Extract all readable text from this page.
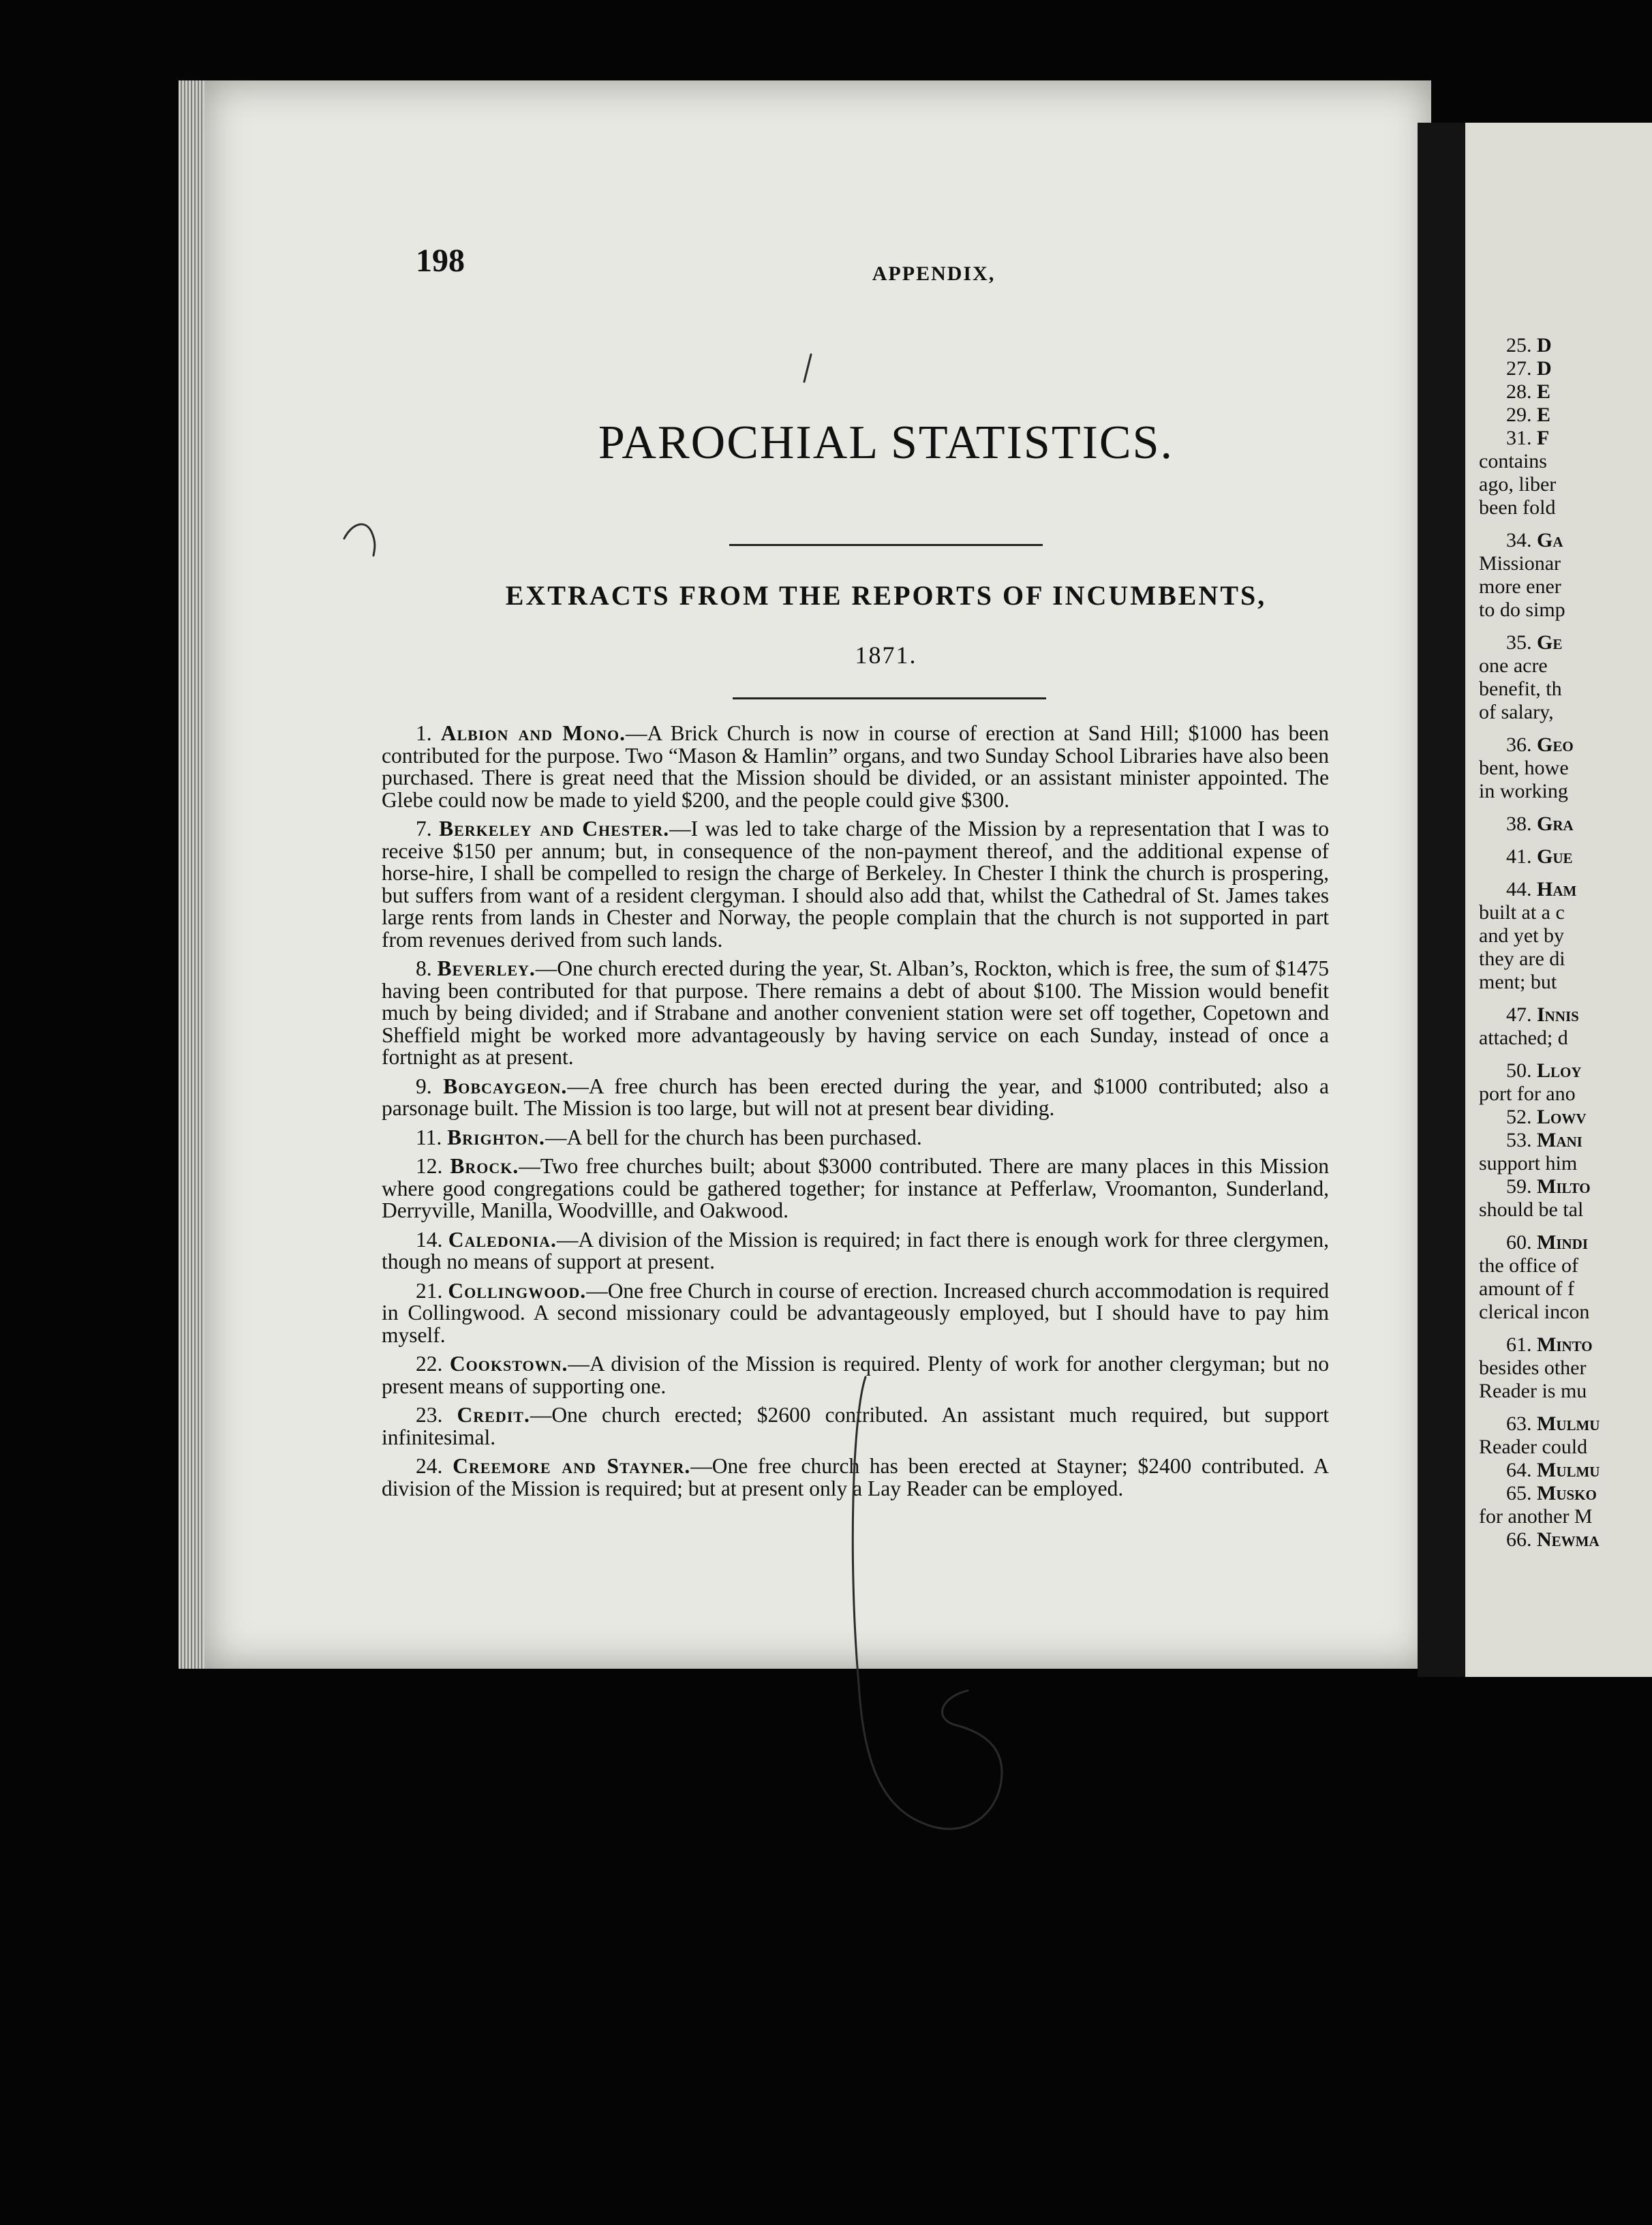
25. D
27. D
28. E
29. E
31. F
contains
ago, liber
been fold
34. Ga
Missionar
more ener
to do simp
35. Ge
one acre
benefit, th
of salary,
36. Geo
bent, howe
in working
38. Gra
41. Gue
44. Ham
built at a c
and yet by
they are di
ment; but
47. Innis
attached; d
50. Lloy
port for ano
52. Lowv
53. Mani
support him
59. Milto
should be tal
60. Mindi
the office of
amount of f
clerical incon
61. Minto
besides other
Reader is mu
63. Mulmu
Reader could
64. Mulmu
65. Musko
for another M
66. Newma
198	APPENDIX,
PAROCHIAL STATISTICS.
EXTRACTS FROM THE REPORTS OF INCUMBENTS,
1871.

1. Albion and Mono.—A Brick Church is now in course of erection at Sand Hill; $1000 has been contributed for the purpose. Two “Mason & Hamlin” organs, and two Sunday School Libraries have also been purchased. There is great need that the Mission should be divided, or an assistant minister appointed. The Glebe could now be made to yield $200, and the people could give $300.

7. Berkeley and Chester.—I was led to take charge of the Mission by a representation that I was to receive $150 per annum; but, in consequence of the non-payment thereof, and the additional expense of horse-hire, I shall be compelled to resign the charge of Berkeley. In Chester I think the church is prospering, but suffers from want of a resident clergyman. I should also add that, whilst the Cathedral of St. James takes large rents from lands in Chester and Norway, the people complain that the church is not supported in part from revenues derived from such lands.

8. Beverley.—One church erected during the year, St. Alban’s, Rockton, which is free, the sum of $1475 having been contributed for that purpose. There remains a debt of about $100. The Mission would benefit much by being divided; and if Strabane and another convenient station were set off together, Copetown and Sheffield might be worked more advantageously by having service on each Sunday, instead of once a fortnight as at present.

9. Bobcaygeon.—A free church has been erected during the year, and $1000 contributed; also a parsonage built. The Mission is too large, but will not at present bear dividing.

11. Brighton.—A bell for the church has been purchased.

12. Brock.—Two free churches built; about $3000 contributed. There are many places in this Mission where good congregations could be gathered together; for instance at Pefferlaw, Vroomanton, Sunderland, Derryville, Manilla, Woodvillle, and Oakwood.

14. Caledonia.—A division of the Mission is required; in fact there is enough work for three clergymen, though no means of support at present.

21. Collingwood.—One free Church in course of erection. Increased church accommodation is required in Collingwood. A second missionary could be advantageously employed, but I should have to pay him myself.

22. Cookstown.—A division of the Mission is required. Plenty of work for another clergyman; but no present means of supporting one.

23. Credit.—One church erected; $2600 contributed. An assistant much required, but support infinitesimal.

24. Creemore and Stayner.—One free church has been erected at Stayner; $2400 contributed. A division of the Mission is required; but at present only a Lay Reader can be employed.
